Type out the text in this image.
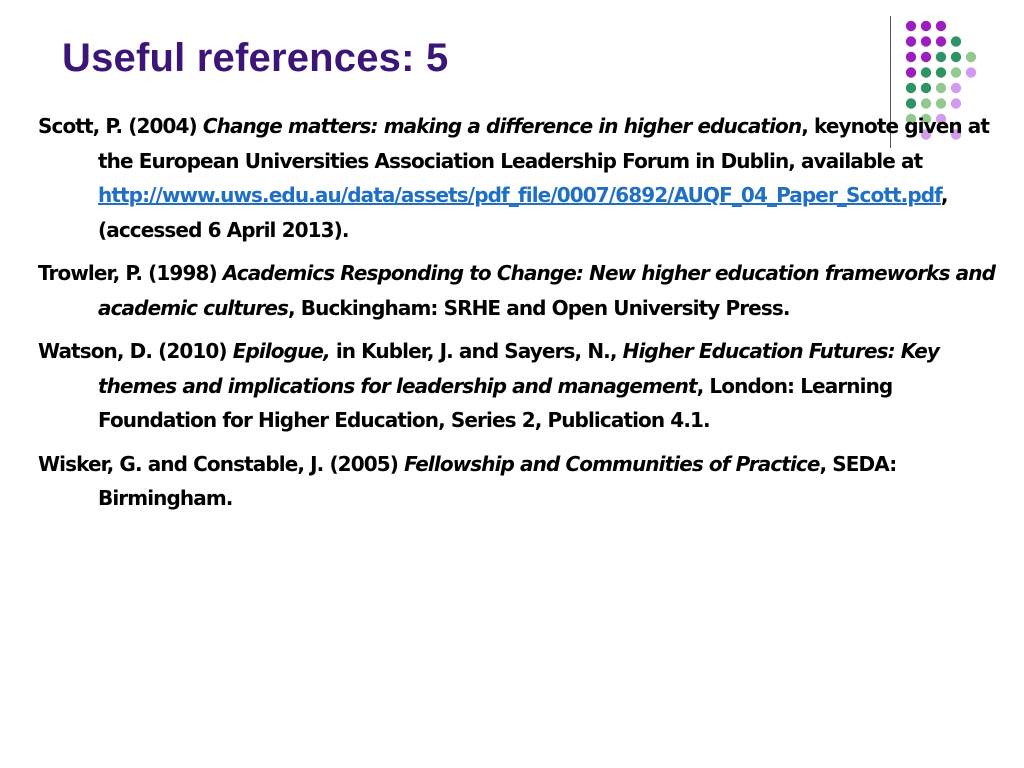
Useful references: 5

Scott, P. (2004) Change matters: making a difference in higher education, keynote given at the European Universities Association Leadership Forum in Dublin, available at http://www.uws.edu.au/data/assets/pdf_file/0007/6892/AUQF_04_Paper_Scott.pdf, (accessed 6 April 2013).

Trowler, P. (1998) Academics Responding to Change: New higher education frameworks and academic cultures, Buckingham: SRHE and Open University Press.

Watson, D. (2010) Epilogue, in Kubler, J. and Sayers, N., Higher Education Futures: Key themes and implications for leadership and management, London: Learning Foundation for Higher Education, Series 2, Publication 4.1.

Wisker, G. and Constable, J. (2005) Fellowship and Communities of Practice, SEDA: Birmingham.
